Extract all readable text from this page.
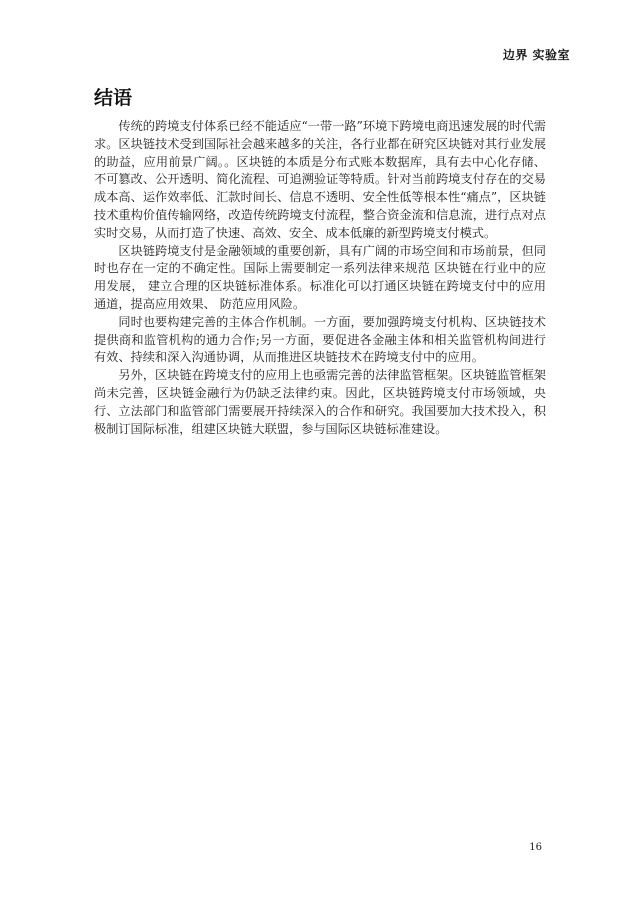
边界 实验室
结语

传统的跨境支付体系已经不能适应“一带一路”环境下跨境电商迅速发展的时代需求。区块链技术受到国际社会越来越多的关注，各行业都在研究区块链对其行业发展的助益，应用前景广阔。。区块链的本质是分布式账本数据库，具有去中心化存储、不可篡改、公开透明、简化流程、可追溯验证等特质。针对当前跨境支付存在的交易成本高、运作效率低、汇款时间长、信息不透明、安全性低等根本性“痛点”，区块链技术重构价值传输网络，改造传统跨境支付流程，整合资金流和信息流，进行点对点实时交易，从而打造了快速、高效、安全、成本低廉的新型跨境支付模式。

区块链跨境支付是金融领域的重要创新，具有广阔的市场空间和市场前景，但同时也存在一定的不确定性。国际上需要制定一系列法律来规范 区块链在行业中的应用发展， 建立合理的区块链标准体系。标准化可以打通区块链在跨境支付中的应用通道，提高应用效果、 防范应用风险。

同时也要构建完善的主体合作机制。一方面，要加强跨境支付机构、区块链技术提供商和监管机构的通力合作;另一方面，要促进各金融主体和相关监管机构间进行有效、持续和深入沟通协调，从而推进区块链技术在跨境支付中的应用。

另外，区块链在跨境支付的应用上也亟需完善的法律监管框架。区块链监管框架尚未完善，区块链金融行为仍缺乏法律约束。因此，区块链跨境支付市场领域，央行、立法部门和监管部门需要展开持续深入的合作和研究。我国要加大技术投入，积极制订国际标准，组建区块链大联盟，参与国际区块链标准建设。

16
